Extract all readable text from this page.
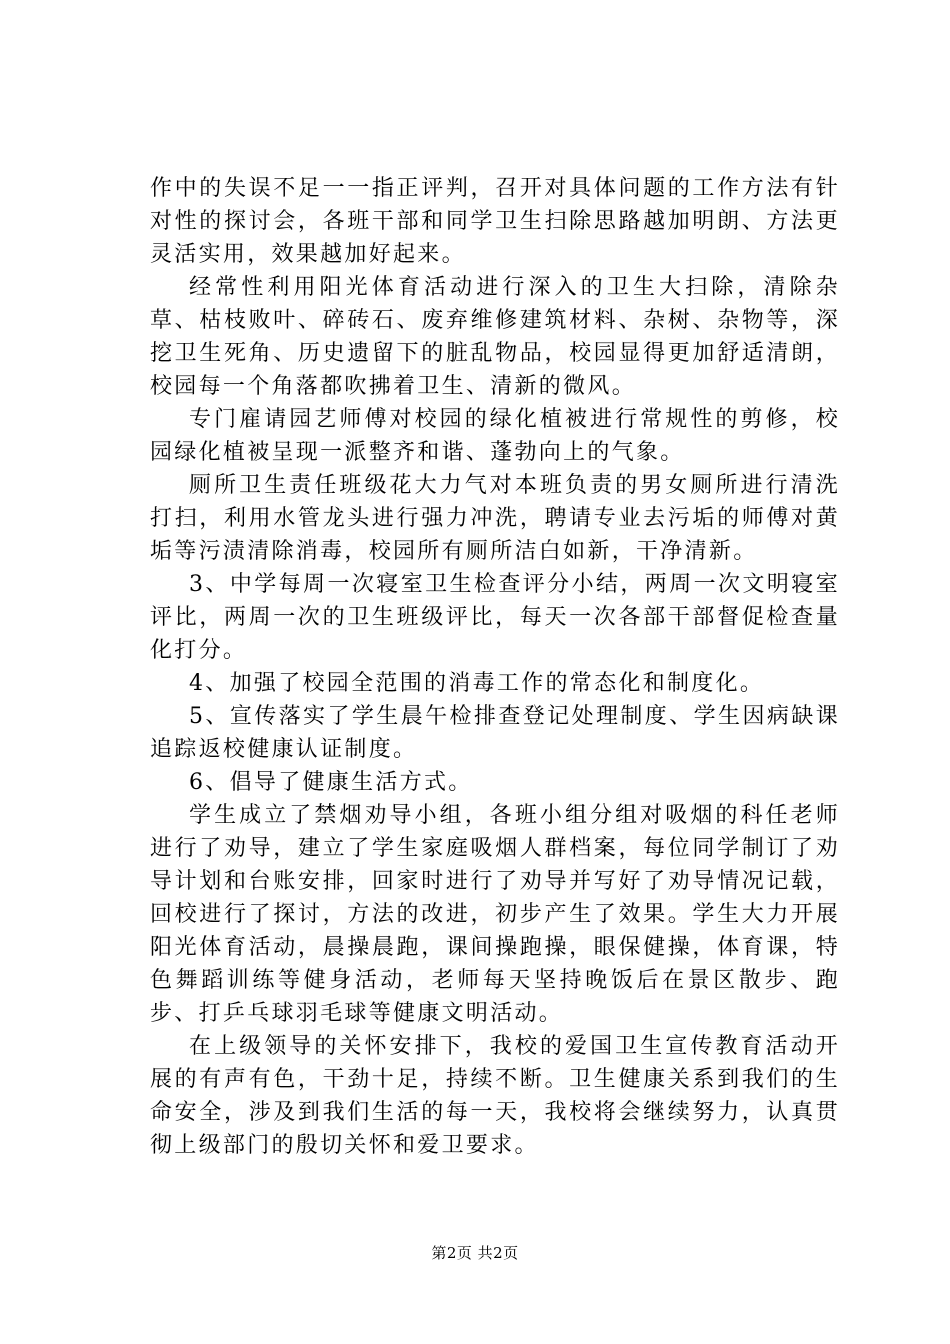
作中的失误不足一一指正评判，召开对具体问题的工作方法有针对性的探讨会，各班干部和同学卫生扫除思路越加明朗、方法更灵活实用，效果越加好起来。

经常性利用阳光体育活动进行深入的卫生大扫除，清除杂草、枯枝败叶、碎砖石、废弃维修建筑材料、杂树、杂物等，深挖卫生死角、历史遗留下的脏乱物品，校园显得更加舒适清朗，校园每一个角落都吹拂着卫生、清新的微风。

专门雇请园艺师傅对校园的绿化植被进行常规性的剪修，校园绿化植被呈现一派整齐和谐、蓬勃向上的气象。

厕所卫生责任班级花大力气对本班负责的男女厕所进行清洗打扫，利用水管龙头进行强力冲洗，聘请专业去污垢的师傅对黄垢等污渍清除消毒，校园所有厕所洁白如新，干净清新。

3、中学每周一次寝室卫生检查评分小结，两周一次文明寝室评比，两周一次的卫生班级评比，每天一次各部干部督促检查量化打分。

4、加强了校园全范围的消毒工作的常态化和制度化。

5、宣传落实了学生晨午检排查登记处理制度、学生因病缺课追踪返校健康认证制度。

6、倡导了健康生活方式。

学生成立了禁烟劝导小组，各班小组分组对吸烟的科任老师进行了劝导，建立了学生家庭吸烟人群档案，每位同学制订了劝导计划和台账安排，回家时进行了劝导并写好了劝导情况记载，回校进行了探讨，方法的改进，初步产生了效果。学生大力开展阳光体育活动，晨操晨跑，课间操跑操，眼保健操，体育课，特色舞蹈训练等健身活动，老师每天坚持晚饭后在景区散步、跑步、打乒乓球羽毛球等健康文明活动。

在上级领导的关怀安排下，我校的爱国卫生宣传教育活动开展的有声有色，干劲十足，持续不断。卫生健康关系到我们的生命安全，涉及到我们生活的每一天，我校将会继续努力，认真贯彻上级部门的殷切关怀和爱卫要求。

第2页 共2页
